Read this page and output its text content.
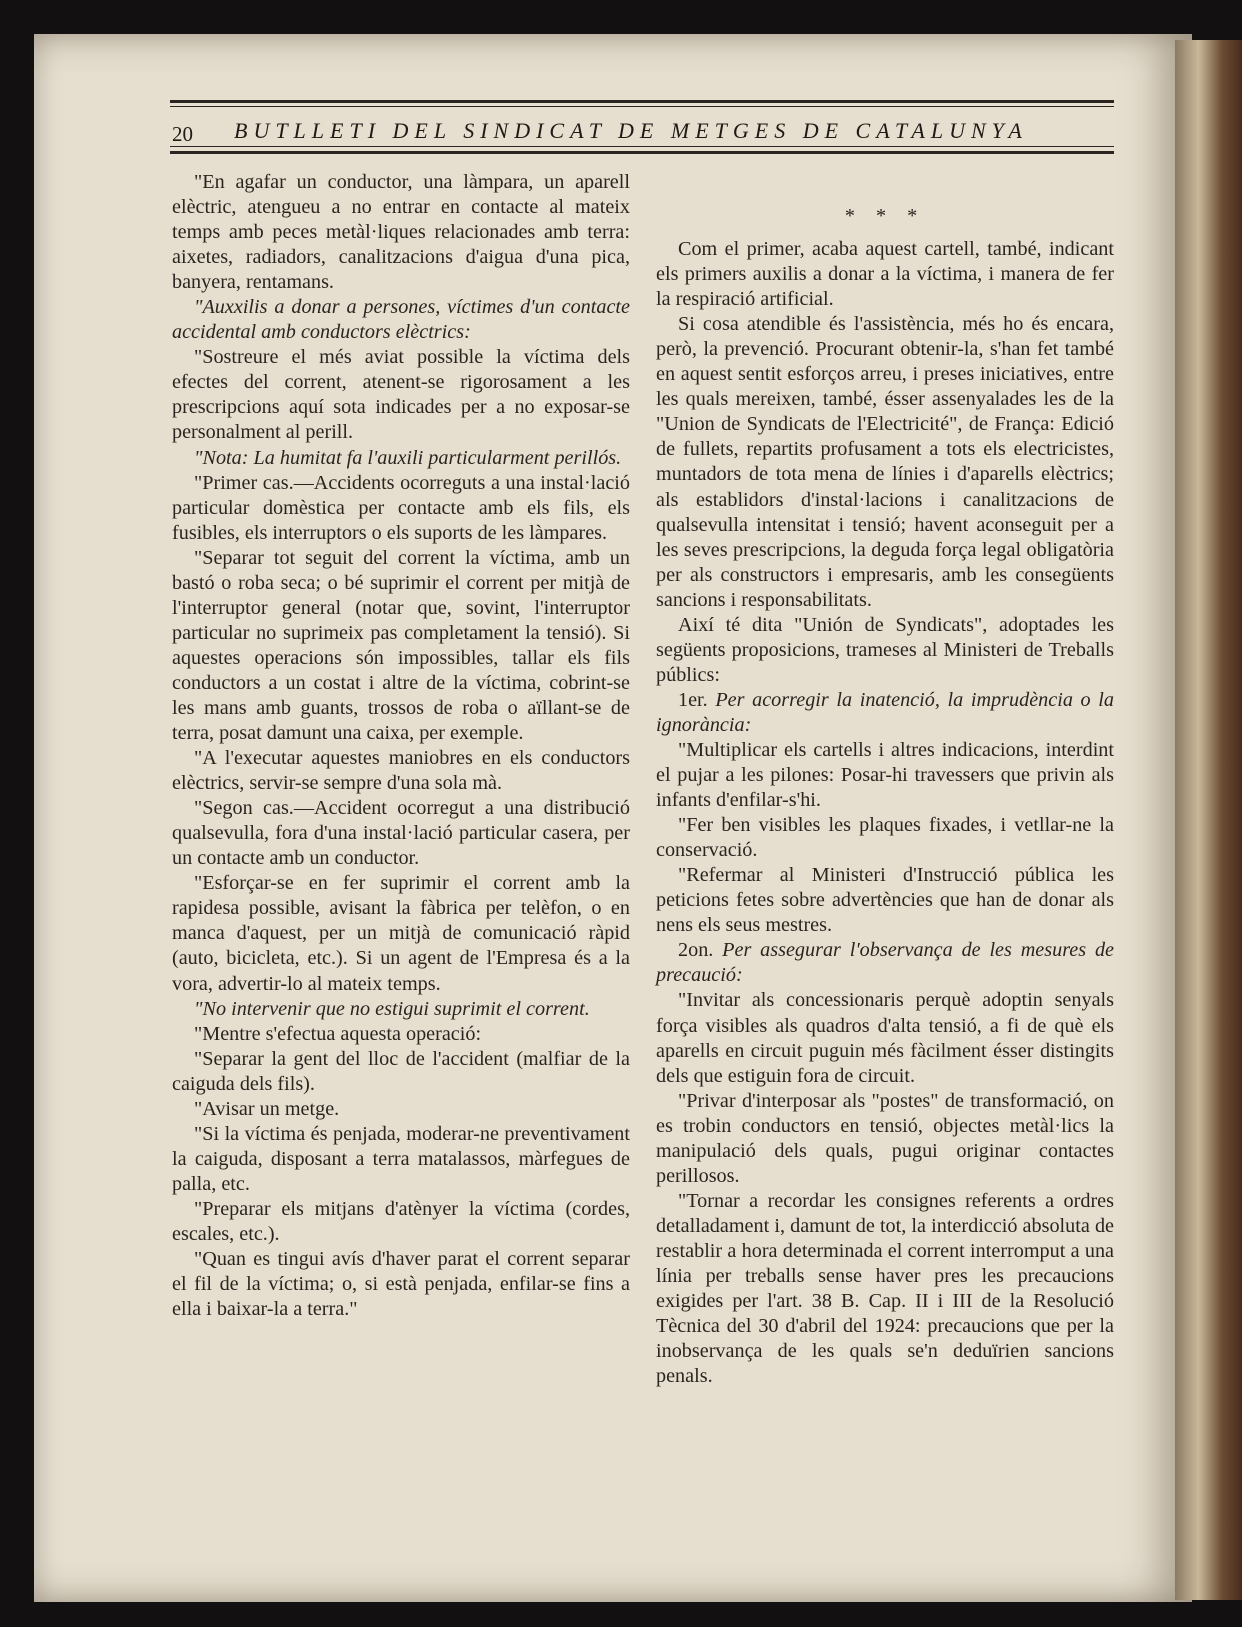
20 BUTLLETI DEL SINDICAT DE METGES DE CATALUNYA

"En agafar un conductor, una làmpara, un aparell elèctric, atengueu a no entrar en contacte al mateix temps amb peces metàl·liques relacionades amb terra: aixetes, radiadors, canalitzacions d'aigua d'una pica, banyera, rentamans.

"Auxxilis a donar a persones, víctimes d'un contacte accidental amb conductors elèctrics:

"Sostreure el més aviat possible la víctima dels efectes del corrent, atenent-se rigorosament a les prescripcions aquí sota indicades per a no exposar-se personalment al perill.

"Nota: La humitat fa l'auxili particularment perillós.

"Primer cas.—Accidents ocorreguts a una instal·lació particular domèstica per contacte amb els fils, els fusibles, els interruptors o els suports de les làmpares.

"Separar tot seguit del corrent la víctima, amb un bastó o roba seca; o bé suprimir el corrent per mitjà de l'interruptor general (notar que, sovint, l'interruptor particular no suprimeix pas completament la tensió). Si aquestes operacions són impossibles, tallar els fils conductors a un costat i altre de la víctima, cobrint-se les mans amb guants, trossos de roba o aïllant-se de terra, posat damunt una caixa, per exemple.

"A l'executar aquestes maniobres en els conductors elèctrics, servir-se sempre d'una sola mà.

"Segon cas.—Accident ocorregut a una distribució qualsevulla, fora d'una instal·lació particular casera, per un contacte amb un conductor.

"Esforçar-se en fer suprimir el corrent amb la rapidesa possible, avisant la fàbrica per telèfon, o en manca d'aquest, per un mitjà de comunicació ràpid (auto, bicicleta, etc.). Si un agent de l'Empresa és a la vora, advertir-lo al mateix temps.

"No intervenir que no estigui suprimit el corrent.

"Mentre s'efectua aquesta operació:

"Separar la gent del lloc de l'accident (malfiar de la caiguda dels fils).

"Avisar un metge.

"Si la víctima és penjada, moderar-ne preventivament la caiguda, disposant a terra matalassos, màrfegues de palla, etc.

"Preparar els mitjans d'atènyer la víctima (cordes, escales, etc.).

"Quan es tingui avís d'haver parat el corrent separar el fil de la víctima; o, si està penjada, enfilar-se fins a ella i baixar-la a terra."

* * *

Com el primer, acaba aquest cartell, també, indicant els primers auxilis a donar a la víctima, i manera de fer la respiració artificial.

Si cosa atendible és l'assistència, més ho és encara, però, la prevenció. Procurant obtenir-la, s'han fet també en aquest sentit esforços arreu, i preses iniciatives, entre les quals mereixen, també, ésser assenyalades les de la "Union de Syndicats de l'Electricité", de França: Edició de fullets, repartits profusament a tots els electricistes, muntadors de tota mena de línies i d'aparells elèctrics; als establidors d'instal·lacions i canalitzacions de qualsevulla intensitat i tensió; havent aconseguit per a les seves prescripcions, la deguda força legal obligatòria per als constructors i empresaris, amb les consegüents sancions i responsabilitats.

Així té dita "Unión de Syndicats", adoptades les següents proposicions, trameses al Ministeri de Treballs públics:

1er. Per acorregir la inatenció, la imprudència o la ignorància:

"Multiplicar els cartells i altres indicacions, interdint el pujar a les pilones: Posar-hi travessers que privin als infants d'enfilar-s'hi.

"Fer ben visibles les plaques fixades, i vetllar-ne la conservació.

"Refermar al Ministeri d'Instrucció pública les peticions fetes sobre advertències que han de donar als nens els seus mestres.

2on. Per assegurar l'observança de les mesures de precaució:

"Invitar als concessionaris perquè adoptin senyals força visibles als quadros d'alta tensió, a fi de què els aparells en circuit puguin més fàcilment ésser distingits dels que estiguin fora de circuit.

"Privar d'interposar als "postes" de transformació, on es trobin conductors en tensió, objectes metàl·lics la manipulació dels quals, pugui originar contactes perillosos.

"Tornar a recordar les consignes referents a ordres detalladament i, damunt de tot, la interdicció absoluta de restablir a hora determinada el corrent interromput a una línia per treballs sense haver pres les precaucions exigides per l'art. 38 B. Cap. II i III de la Resolució Tècnica del 30 d'abril del 1924: precaucions que per la inobservança de les quals se'n deduïrien sancions penals.
